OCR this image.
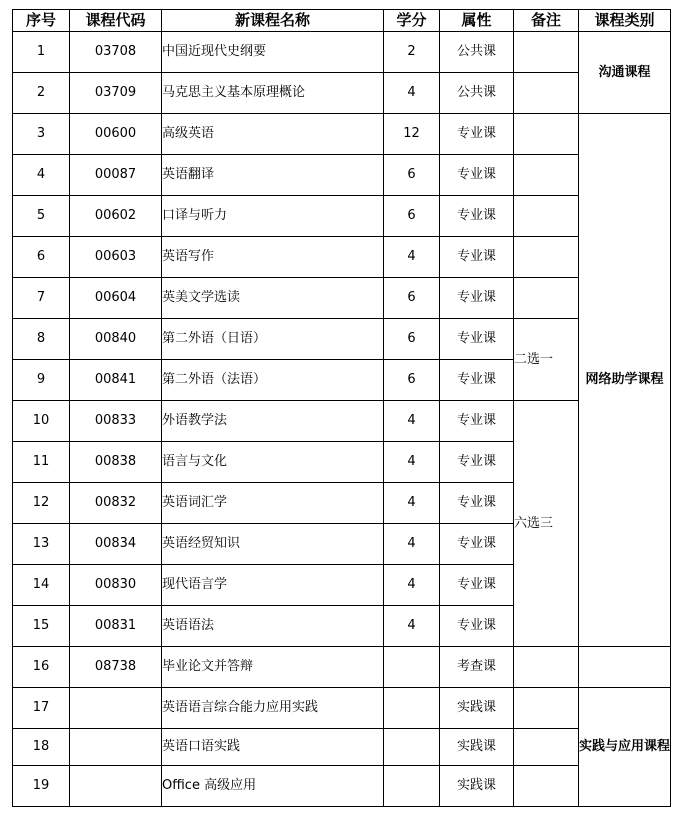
序号	课程代码	新课程名称	学分	属性	备注	课程类别
1	03708	中国近现代史纲要	2	公共课		沟通课程
2	03709	马克思主义基本原理概论	4	公共课		
3	00600	高级英语	12	专业课		网络助学课程
4	00087	英语翻译	6	专业课		
5	00602	口译与听力	6	专业课		
6	00603	英语写作	4	专业课		
7	00604	英美文学选读	6	专业课		
8	00840	第二外语（日语）	6	专业课	二选一	
9	00841	第二外语（法语）	6	专业课		
10	00833	外语教学法	4	专业课	六选三	
11	00838	语言与文化	4	专业课		
12	00832	英语词汇学	4	专业课		
13	00834	英语经贸知识	4	专业课		
14	00830	现代语言学	4	专业课		
15	00831	英语语法	4	专业课		
16	08738	毕业论文并答辩		考查课		
17		英语语言综合能力应用实践		实践课		实践与应用课程
18		英语口语实践		实践课		
19		Office 高级应用		实践课		
